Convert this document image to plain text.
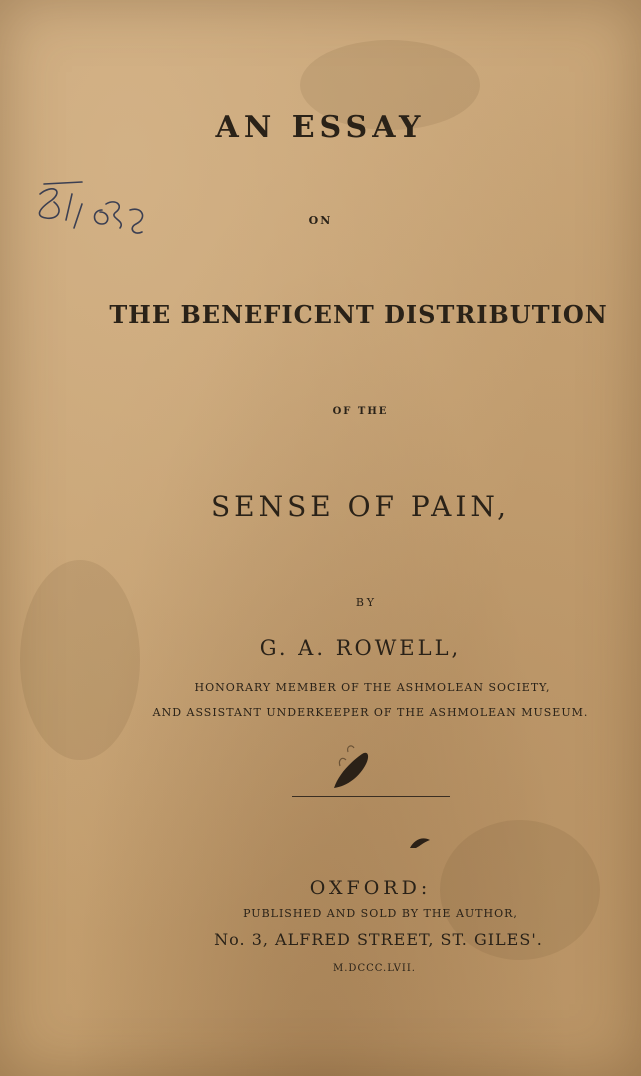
AN ESSAY
ON
THE BENEFICENT DISTRIBUTION
OF THE
SENSE OF PAIN,
BY
G. A. ROWELL,
HONORARY MEMBER OF THE ASHMOLEAN SOCIETY,
AND ASSISTANT UNDERKEEPER OF THE ASHMOLEAN MUSEUM.
OXFORD:
PUBLISHED AND SOLD BY THE AUTHOR,
No. 3, ALFRED STREET, ST. GILES'.
M.DCCC.LVII.
